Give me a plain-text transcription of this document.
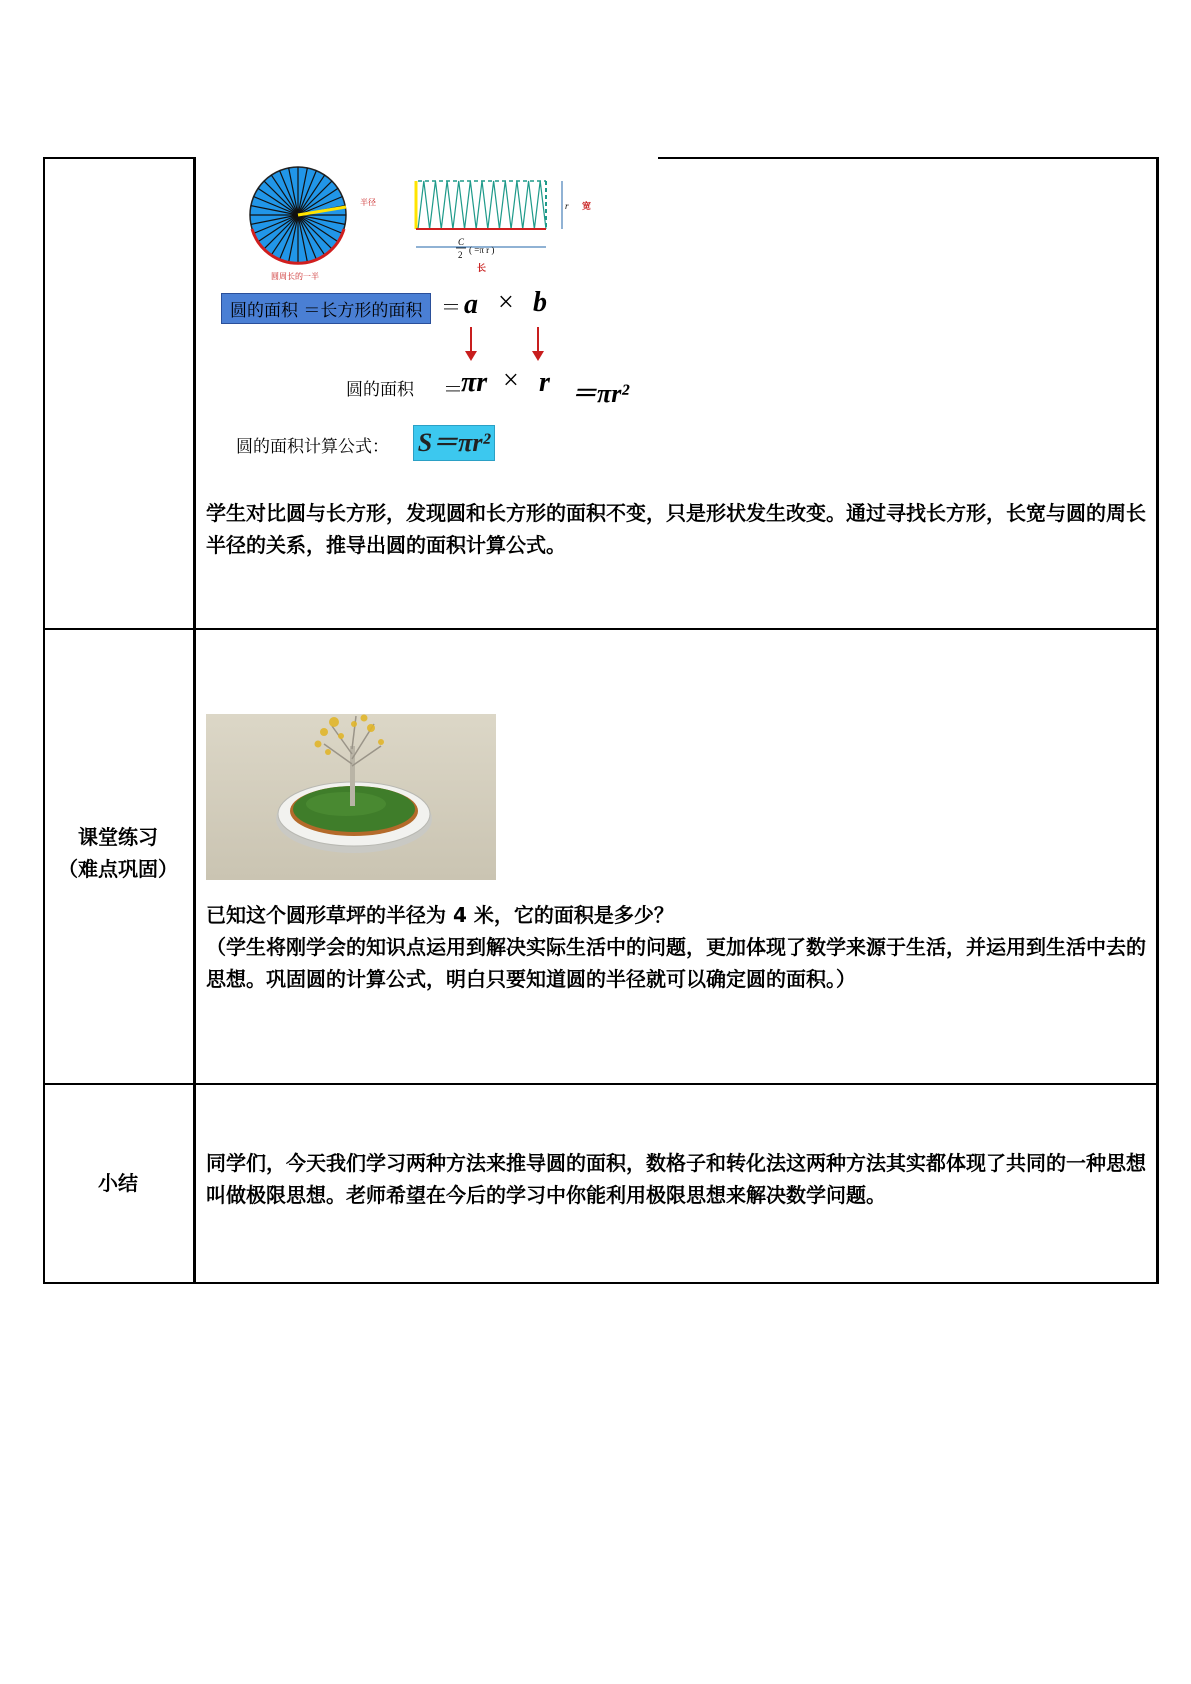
半径
圆周长的一半
r 宽
C
2 ( =π r )
长
圆的面积 ＝长方形的面积 ＝ a × b
圆的面积 ＝
πr × r ＝πr²
圆的面积计算公式： S＝πr²

学生对比圆与长方形，发现圆和长方形的面积不变，只是形状发生改变。通过寻找长方形，长宽与圆的周长半径的关系，推导出圆的面积计算公式。

课堂练习
（难点巩固）

已知这个圆形草坪的半径为 4 米，它的面积是多少？

（学生将刚学会的知识点运用到解决实际生活中的问题，更加体现了数学来源于生活，并运用到生活中去的思想。巩固圆的计算公式，明白只要知道圆的半径就可以确定圆的面积。）

小结

同学们，今天我们学习两种方法来推导圆的面积，数格子和转化法这两种方法其实都体现了共同的一种思想叫做极限思想。老师希望在今后的学习中你能利用极限思想来解决数学问题。
